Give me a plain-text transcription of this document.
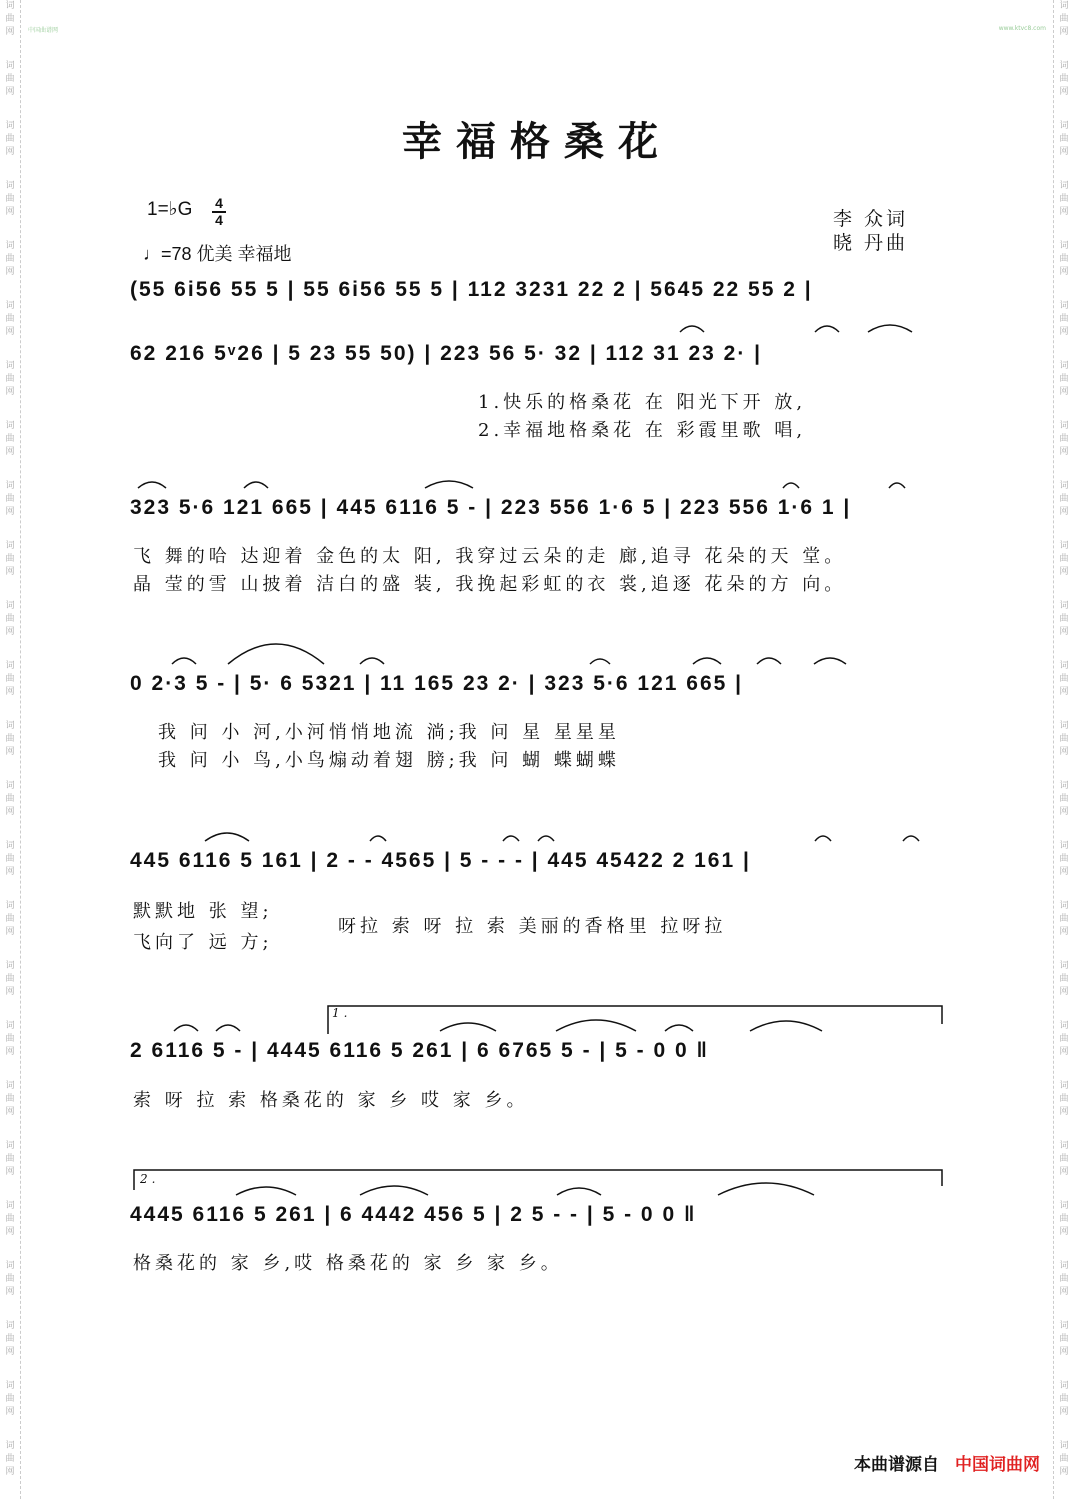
词
曲
网
词
曲
网
词
曲
网
词
曲
网
词
曲
网
词
曲
网
词
曲
网
词
曲
网
词
曲
网
词
曲
网
词
曲
网
词
曲
网
词
曲
网
词
曲
网
词
曲
网
词
曲
网
词
曲
网
词
曲
网
词
曲
网
词
曲
网
词
曲
网
词
曲
网
词
曲
网
词
曲
网
词
曲
网
词
曲
网
词
曲
网
词
曲
网
词
曲
网
词
曲
网
词
曲
网
词
曲
网
词
曲
网
词
曲
网
词
曲
网
词
曲
网
词
曲
网
词
曲
网
词
曲
网
词
曲
网
词
曲
网
词
曲
网
词
曲
网
词
曲
网
词
曲
网
词
曲
网
词
曲
网
词
曲
网
词
曲
网
词
曲
网
中国曲谱网	www.ktvc8.com
幸福格桑花
1=♭G 4
4
♩=78 优美 幸福地
李 众词
晓 丹曲
(55 6i56 55 5 | 55 6i56 55 5 | 112 3231 22 2 | 5645 22 55 2 |
62 216 5ᵛ26 | 5 23 55 50) | 223 56 5· 32 | 112 31 23 2· |
1.快乐的格桑花 在 阳光下开 放,
2.幸福地格桑花 在 彩霞里歌 唱,
323 5·6 121 665 | 445 6116 5 - | 223 556 1·6 5 | 223 556 1·6 1 |
飞 舞的哈 达迎着 金色的太 阳, 我穿过云朵的走 廊,追寻 花朵的天 堂。
晶 莹的雪 山披着 洁白的盛 装, 我挽起彩虹的衣 裳,追逐 花朵的方 向。
0 2·3 5 - | 5· 6 5321 | 11 165 23 2· | 323 5·6 121 665 |
我 问 小 河,小河悄悄地流 淌;我 问 星 星星星
我 问 小 鸟,小鸟煽动着翅 膀;我 问 蝴 蝶蝴蝶
445 6116 5 161 | 2 - - 4565 | 5 - - - | 445 45422 2 161 |
默默地 张 望;
飞向了 远 方;
呀拉 索 呀 拉 索 美丽的香格里 拉呀拉
2 6116 5 - | 4445 6116 5 261 | 6 6765 5 - | 5 - 0 0 ‖
索 呀 拉 索 格桑花的 家 乡 哎 家 乡。
1.
4445 6116 5 261 | 6 4442 456 5 | 2 5 - - | 5 - 0 0 ‖
格桑花的 家 乡,哎 格桑花的 家 乡 家 乡。
2.
本曲谱源自 中国词曲网
